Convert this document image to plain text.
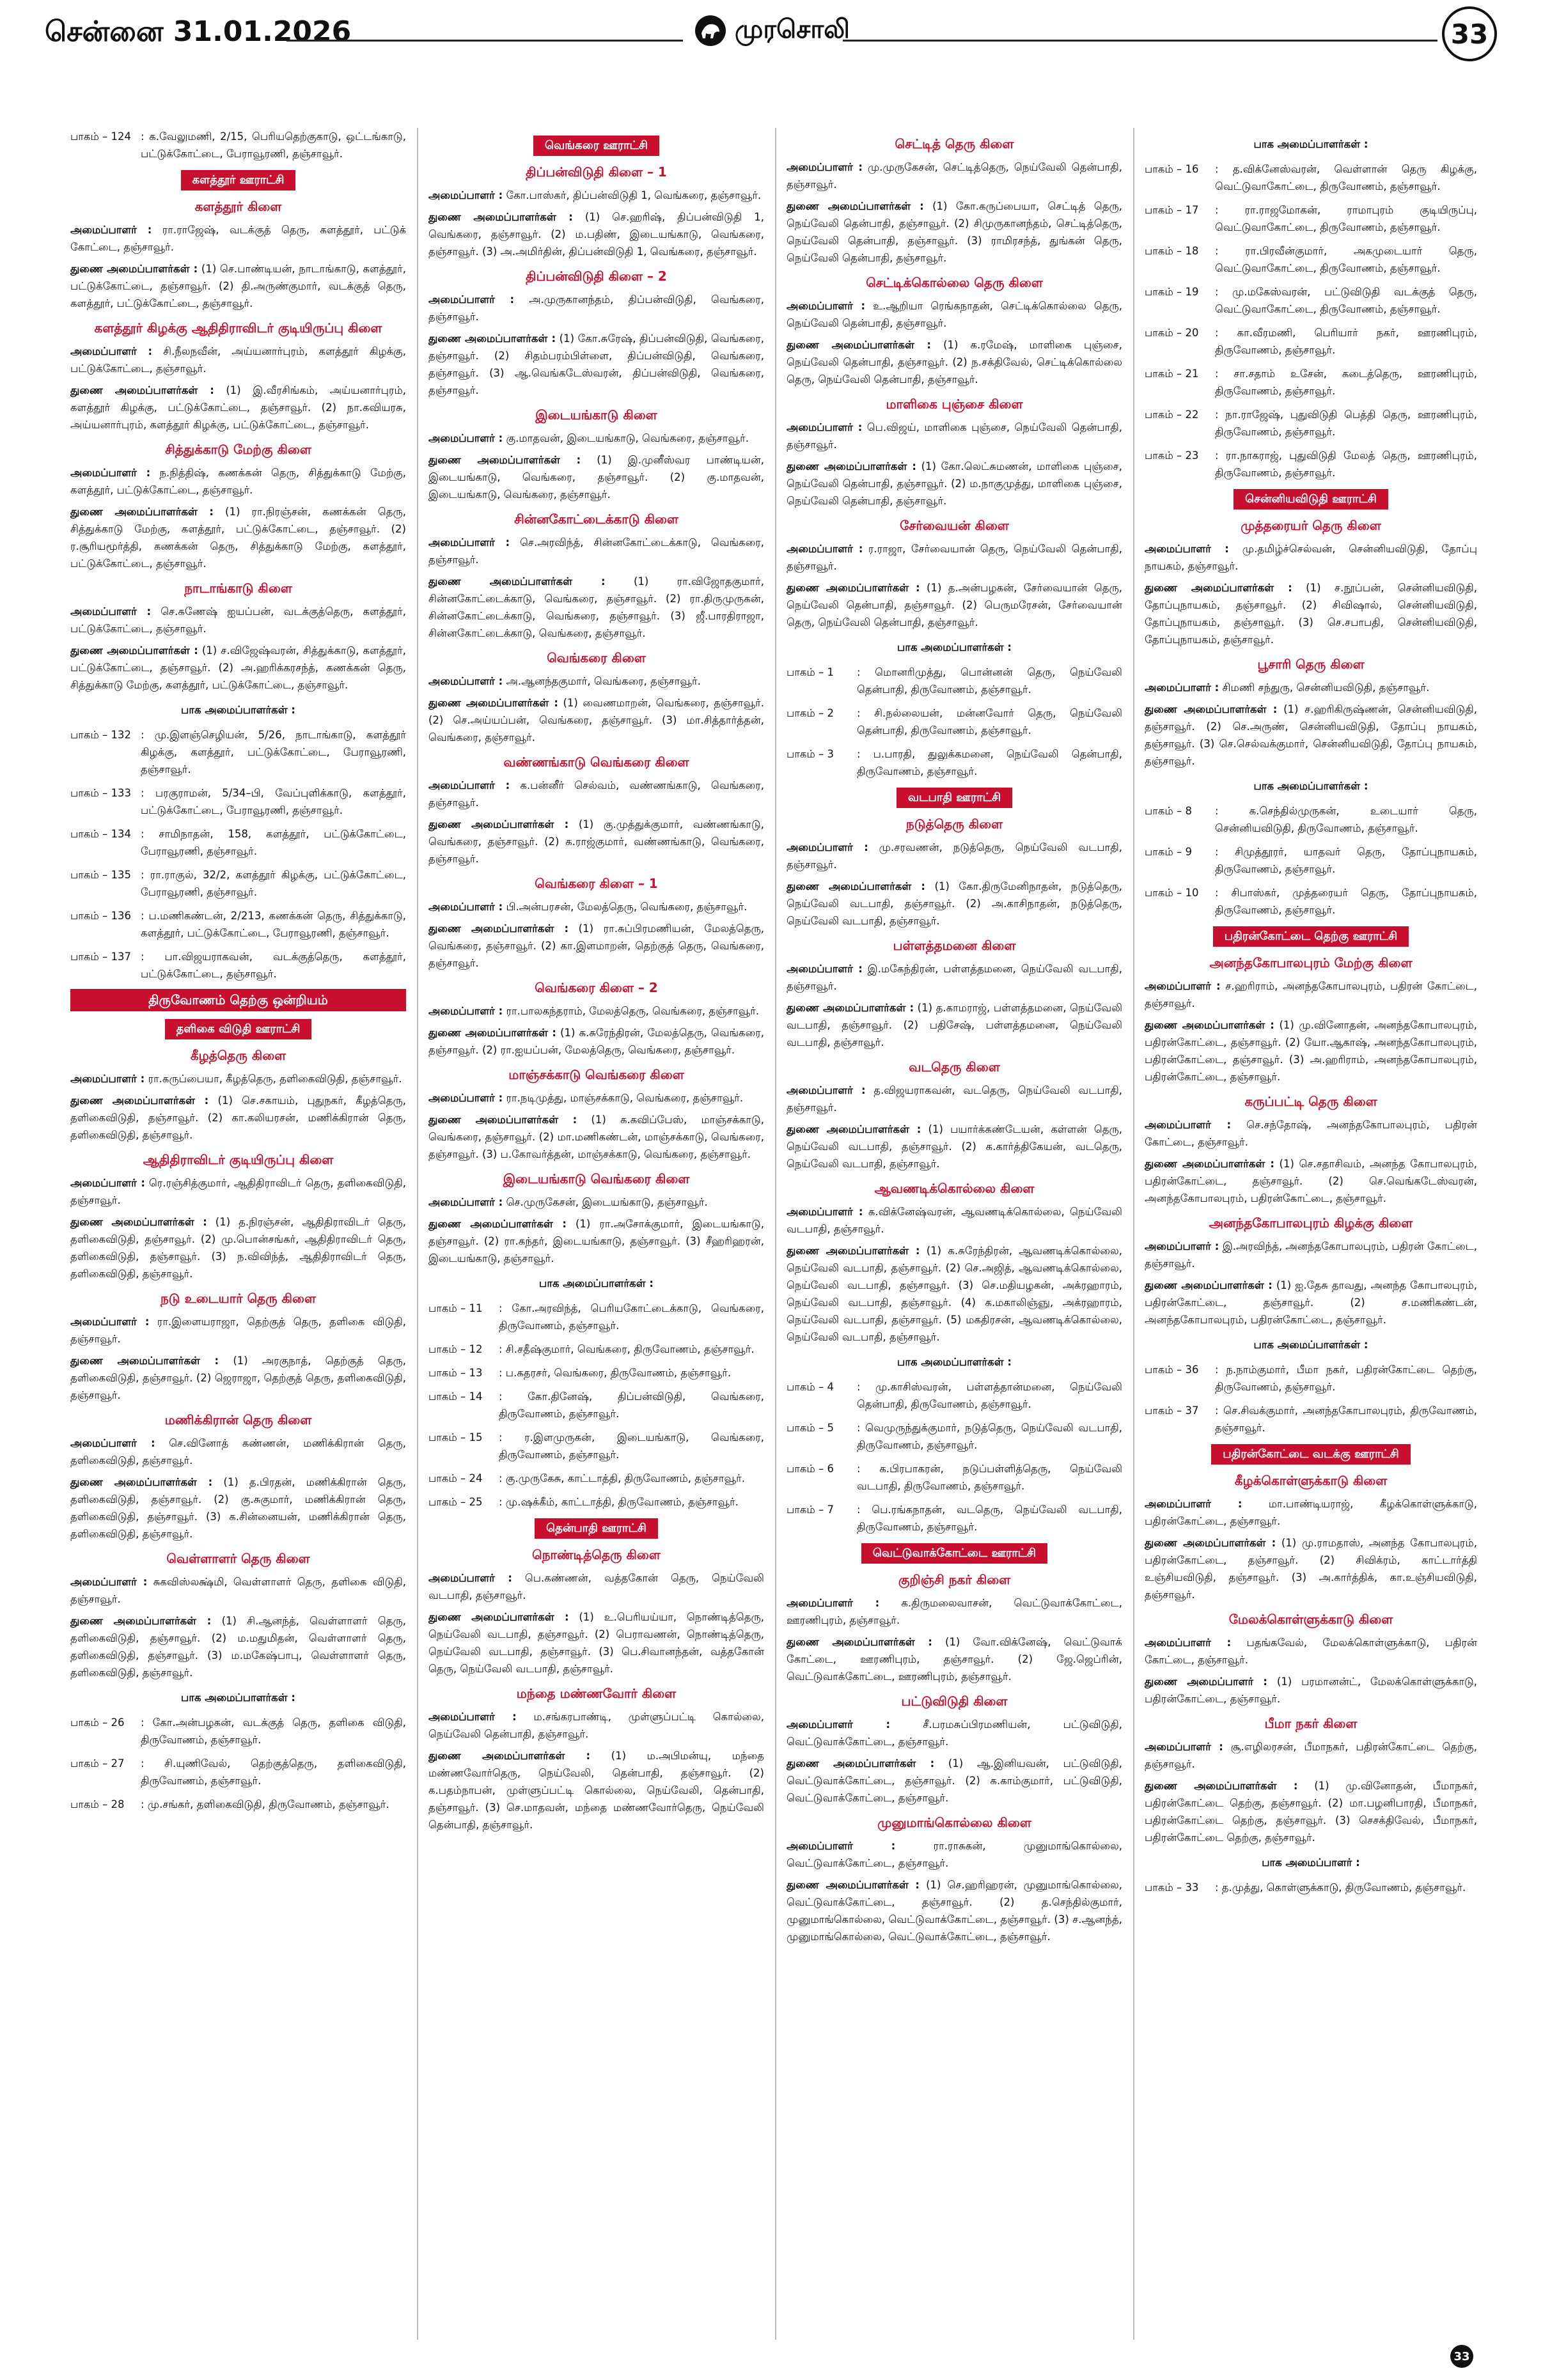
சென்னை 31.01.2026	முரசொலி	33
பாகம் – 124 : க.வேலுமணி, 2/15, பெரியதெற்குகாடு, ஒட்டங்காடு, பட்டுக்கோட்டை, பேராவூரணி, தஞ்சாவூர்.
களத்தூர் ஊராட்சி
களத்தூர் கிளை
அமைப்பாளர் : ரா.ராஜேஷ், வடக்குத் தெரு, களத்தூர், பட்டுக் கோட்டை, தஞ்சாவூர்.
துணை அமைப்பாளர்கள் : (1) செ.பாண்டியன், நாடாங்காடு, களத்தூர், பட்டுக்கோட்டை, தஞ்சாவூர். (2) தி.அருண்குமார், வடக்குத் தெரு, களத்தூர், பட்டுக்கோட்டை, தஞ்சாவூர்.
களத்தூர் கிழக்கு ஆதிதிராவிடர் குடியிருப்பு கிளை
அமைப்பாளர் : சி.நீலநவீன், அய்யனார்புரம், களத்தூர் கிழக்கு, பட்டுக்கோட்டை, தஞ்சாவூர்.
துணை அமைப்பாளர்கள் : (1) இ.வீரசிங்கம், அய்யனார்புரம், களத்தூர் கிழக்கு, பட்டுக்கோட்டை, தஞ்சாவூர். (2) நா.கவியரசு, அய்யனார்புரம், களத்தூர் கிழக்கு, பட்டுக்கோட்டை, தஞ்சாவூர்.
சித்துக்காடு மேற்கு கிளை
அமைப்பாளர் : ந.நித்திஷ், கணக்கன் தெரு, சித்துக்காடு மேற்கு, களத்தூர், பட்டுக்கோட்டை, தஞ்சாவூர்.
துணை அமைப்பாளர்கள் : (1) ரா.நிரஞ்சன், கணக்கன் தெரு, சித்துக்காடு மேற்கு, களத்தூர், பட்டுக்கோட்டை, தஞ்சாவூர். (2) ர.சூரியமூர்த்தி, கணக்கன் தெரு, சித்துக்காடு மேற்கு, களத்தூர், பட்டுக்கோட்டை, தஞ்சாவூர்.
நாடாங்காடு கிளை
அமைப்பாளர் : செ.கணேஷ் ஐயப்பன், வடக்குத்தெரு, களத்தூர், பட்டுக்கோட்டை, தஞ்சாவூர்.
துணை அமைப்பாளர்கள் : (1) ச.விஜேஷ்வரன், சித்துக்காடு, களத்தூர், பட்டுக்கோட்டை, தஞ்சாவூர். (2) அ.ஹரிக்கரசந்த், கணக்கன் தெரு, சித்துக்காடு மேற்கு, களத்தூர், பட்டுக்கோட்டை, தஞ்சாவூர்.
பாக அமைப்பாளர்கள் :
பாகம் – 132 : மு.இளஞ்செழியன், 5/26, நாடாங்காடு, களத்தூர் கிழக்கு, களத்தூர், பட்டுக்கோட்டை, பேராவூரணி, தஞ்சாவூர்.
பாகம் – 133 : பரகுராமன், 5/34–பி, வேப்புளிக்காடு, களத்தூர், பட்டுக்கோட்டை, பேராவூரணி, தஞ்சாவூர்.
பாகம் – 134 : சாமிநாதன், 158, களத்தூர், பட்டுக்கோட்டை, பேராவூரணி, தஞ்சாவூர்.
பாகம் – 135 : ரா.ராகுல், 32/2, களத்தூர் கிழக்கு, பட்டுக்கோட்டை, பேராவூரணி, தஞ்சாவூர்.
பாகம் – 136 : ப.மணிகண்டன், 2/213, கணக்கன் தெரு, சித்துக்காடு, களத்தூர், பட்டுக்கோட்டை, பேராவூரணி, தஞ்சாவூர்.
பாகம் – 137 : பா.விஜயராகவன், வடக்குத்தெரு, களத்தூர், பட்டுக்கோட்டை, தஞ்சாவூர்.
திருவோணம் தெற்கு ஒன்றியம்
தளிகை விடுதி ஊராட்சி
கீழத்தெரு கிளை
அமைப்பாளர் : ரா.கருப்பையா, கீழத்தெரு, தளிகைவிடுதி, தஞ்சாவூர்.
துணை அமைப்பாளர்கள் : (1) செ.சகாயம், புதுநகர், கீழத்தெரு, தளிகைவிடுதி, தஞ்சாவூர். (2) கா.கலியரசன், மணிக்கிரான் தெரு, தளிகைவிடுதி, தஞ்சாவூர்.
ஆதிதிராவிடர் குடியிருப்பு கிளை
அமைப்பாளர் : ரெ.ரஞ்சித்குமார், ஆதிதிராவிடர் தெரு, தளிகைவிடுதி, தஞ்சாவூர்.
துணை அமைப்பாளர்கள் : (1) த.நிரஞ்சன், ஆதிதிராவிடர் தெரு, தளிகைவிடுதி, தஞ்சாவூர். (2) மு.பொன்சங்கர், ஆதிதிராவிடர் தெரு, தளிகைவிடுதி, தஞ்சாவூர். (3) ந.விவிந்த், ஆதிதிராவிடர் தெரு, தளிகைவிடுதி, தஞ்சாவூர்.
நடு உடையார் தெரு கிளை
அமைப்பாளர் : ரா.இளையராஜா, தெற்குத் தெரு, தளிகை விடுதி, தஞ்சாவூர்.
துணை அமைப்பாளர்கள் : (1) அரகுநாத், தெற்குத் தெரு, தளிகைவிடுதி, தஞ்சாவூர். (2) ஜெராஜா, தெற்குத் தெரு, தளிகைவிடுதி, தஞ்சாவூர்.
மணிக்கிரான் தெரு கிளை
அமைப்பாளர் : செ.வினோத் கண்ணன், மணிக்கிரான் தெரு, தளிகைவிடுதி, தஞ்சாவூர்.
துணை அமைப்பாளர்கள் : (1) த.பிரதன், மணிக்கிரான் தெரு, தளிகைவிடுதி, தஞ்சாவூர். (2) கு.சுகுமார், மணிக்கிரான் தெரு, தளிகைவிடுதி, தஞ்சாவூர். (3) க.சின்னையன், மணிக்கிரான் தெரு, தளிகைவிடுதி, தஞ்சாவூர்.
வெள்ளாளர் தெரு கிளை
அமைப்பாளர் : சுகவிஸ்லக்ஷ்மி, வெள்ளாளர் தெரு, தளிகை விடுதி, தஞ்சாவூர்.
துணை அமைப்பாளர்கள் : (1) சி.ஆனந்த், வெள்ளாளர் தெரு, தளிகைவிடுதி, தஞ்சாவூர். (2) ம.மதுமிதன், வெள்ளாளர் தெரு, தளிகைவிடுதி, தஞ்சாவூர். (3) ம.மகேஷ்பாபு, வெள்ளாளர் தெரு, தளிகைவிடுதி, தஞ்சாவூர்.
பாக அமைப்பாளர்கள் :
பாகம் – 26	: கோ.அன்பழகன், வடக்குத் தெரு, தளிகை விடுதி, திருவோணம், தஞ்சாவூர்.
பாகம் – 27	: சி.யுணிவேல், தெற்குத்தெரு, தளிகைவிடுதி, திருவோணம், தஞ்சாவூர்.
பாகம் – 28	: மு.சங்கர், தளிகைவிடுதி, திருவோணம், தஞ்சாவூர்.
வெங்கரை ஊராட்சி
திப்பன்விடுதி கிளை – 1
அமைப்பாளர் : கோ.பாஸ்கர், திப்பன்விடுதி 1, வெங்கரை, தஞ்சாவூர்.
துணை அமைப்பாளர்கள் : (1) செ.ஹரிஷ், திப்பன்விடுதி 1, வெங்கரை, தஞ்சாவூர். (2) ம.பதிண், இடையங்காடு, வெங்கரை, தஞ்சாவூர். (3) அ.அமிர்தின், திப்பன்விடுதி 1, வெங்கரை, தஞ்சாவூர்.
திப்பன்விடுதி கிளை – 2
அமைப்பாளர் : அ.முருகானந்தம், திப்பன்விடுதி, வெங்கரை, தஞ்சாவூர்.
துணை அமைப்பாளர்கள் : (1) கோ.சுரேஷ், திப்பன்விடுதி, வெங்கரை, தஞ்சாவூர். (2) சிதம்பரம்பிள்ளை, திப்பன்விடுதி, வெங்கரை, தஞ்சாவூர். (3) ஆ.வெங்கடேஸ்வரன், திப்பன்விடுதி, வெங்கரை, தஞ்சாவூர்.
இடையங்காடு கிளை
அமைப்பாளர் : கு.மாதவன், இடையங்காடு, வெங்கரை, தஞ்சாவூர்.
துணை அமைப்பாளர்கள் : (1) இ.முனீஸ்வர பாண்டியன், இடையங்காடு, வெங்கரை, தஞ்சாவூர். (2) கு.மாதவன், இடையங்காடு, வெங்கரை, தஞ்சாவூர்.
சின்னகோட்டைக்காடு கிளை
அமைப்பாளர் : செ.அரவிந்த், சின்னகோட்டைக்காடு, வெங்கரை, தஞ்சாவூர்.
துணை அமைப்பாளர்கள் :	(1) ரா.விஜோதகுமார், சின்னகோட்டைக்காடு, வெங்கரை, தஞ்சாவூர். (2) ரா.திருமுருகன், சின்னகோட்டைக்காடு, வெங்கரை, தஞ்சாவூர். (3) ஜீ.பாரதிராஜா, சின்னகோட்டைக்காடு, வெங்கரை, தஞ்சாவூர்.
வெங்கரை கிளை
அமைப்பாளர் : அ.ஆனந்தகுமார், வெங்கரை, தஞ்சாவூர்.
துணை அமைப்பாளர்கள் : (1) வைணமாறன், வெங்கரை, தஞ்சாவூர். (2) செ.அய்யப்பன், வெங்கரை, தஞ்சாவூர். (3) மா.சித்தார்த்தன், வெங்கரை, தஞ்சாவூர்.
வண்ணங்காடு வெங்கரை கிளை
அமைப்பாளர் : க.பன்னீர் செல்வம், வண்ணங்காடு, வெங்கரை, தஞ்சாவூர்.
துணை அமைப்பாளர்கள் : (1) கு.முத்துக்குமார், வண்ணங்காடு, வெங்கரை, தஞ்சாவூர். (2) க.ராஜ்குமார், வண்ணங்காடு, வெங்கரை, தஞ்சாவூர்.
வெங்கரை கிளை – 1
அமைப்பாளர் : பி.அன்பரசன், மேலத்தெரு, வெங்கரை, தஞ்சாவூர்.
துணை அமைப்பாளர்கள் : (1) ரா.சுப்பிரமணியன், மேலத்தெரு, வெங்கரை, தஞ்சாவூர். (2) கா.இளமாறன், தெற்குத் தெரு, வெங்கரை, தஞ்சாவூர்.
வெங்கரை கிளை – 2
அமைப்பாளர் : ரா.பாலகந்தராம், மேலத்தெரு, வெங்கரை, தஞ்சாவூர்.
துணை அமைப்பாளர்கள் : (1) க.சுரேந்திரன், மேலத்தெரு, வெங்கரை, தஞ்சாவூர். (2) ரா.ஐயப்பன், மேலத்தெரு, வெங்கரை, தஞ்சாவூர்.
மாஞ்சக்காடு வெங்கரை கிளை
அமைப்பாளர் : ரா.நடிமுத்து, மாஞ்சக்காடு, வெங்கரை, தஞ்சாவூர்.
துணை அமைப்பாளர்கள் : (1) க.கவிப்பேஸ், மாஞ்சக்காடு, வெங்கரை, தஞ்சாவூர். (2) மா.மணிகண்டன், மாஞ்சக்காடு, வெங்கரை, தஞ்சாவூர். (3) ப.கோவர்த்தன், மாஞ்சக்காடு, வெங்கரை, தஞ்சாவூர்.
இடையங்காடு வெங்கரை கிளை
அமைப்பாளர் : செ.முருகேசன், இடையங்காடு, தஞ்சாவூர்.
துணை அமைப்பாளர்கள் : (1) ரா.அசோக்குமார், இடையங்காடு, தஞ்சாவூர். (2) ரா.கந்தர், இடையங்காடு, தஞ்சாவூர். (3) சீஹரிஹரன், இடையங்காடு, தஞ்சாவூர்.
பாக அமைப்பாளர்கள் :
பாகம் – 11	: கோ.அரவிந்த், பெரியகோட்டைக்காடு, வெங்கரை, திருவோணம், தஞ்சாவூர்.
பாகம் – 12	: சி.சதீஷ்குமார், வெங்கரை, திருவோணம், தஞ்சாவூர்.
பாகம் – 13	: ப.கதரசர், வெங்கரை, திருவோணம், தஞ்சாவூர்.
பாகம் – 14	: கோ.தினேஷ், திப்பன்விடுதி, வெங்கரை, திருவோணம், தஞ்சாவூர்.
பாகம் – 15	: ர.இளமுருகன், இடையங்காடு, வெங்கரை, திருவோணம், தஞ்சாவூர்.
பாகம் – 24	: கு.முருகேசு, காட்டாத்தி, திருவோணம், தஞ்சாவூர்.
பாகம் – 25	: மு.ஷக்கீம், காட்டாத்தி, திருவோணம், தஞ்சாவூர்.
தென்பாதி ஊராட்சி
நொண்டித்தெரு கிளை
அமைப்பாளர் : பெ.கண்ணன், வத்தகோன் தெரு, நெய்வேலி வடபாதி, தஞ்சாவூர்.
துணை அமைப்பாளர்கள் : (1) உ.பெரியய்யா, நொண்டித்தெரு, நெய்வேலி வடபாதி, தஞ்சாவூர். (2) பெராவணன், நொண்டித்தெரு, நெய்வேலி வடபாதி, தஞ்சாவூர். (3) பெ.சிவானந்தன், வத்தகோன் தெரு, நெய்வேலி வடபாதி, தஞ்சாவூர்.
மந்தை மண்ணவோர் கிளை
அமைப்பாளர் : ம.சங்கரபாண்டி, முள்ளுப்பட்டி கொல்லை, நெய்வேலி தென்பாதி, தஞ்சாவூர்.
துணை அமைப்பாளர்கள் : (1) ம.அபிமன்யு, மந்தை மண்ணவோர்தெரு, நெய்வேலி, தென்பாதி, தஞ்சாவூர். (2) க.பதம்நாபன், முள்ளுப்பட்டி கொல்லை, நெய்வேலி, தென்பாதி, தஞ்சாவூர். (3) செ.மாதவன், மந்தை மண்ணவோர்தெரு, நெய்வேலி தென்பாதி, தஞ்சாவூர்.
செட்டித் தெரு கிளை
அமைப்பாளர் : மு.முருகேசன், செட்டித்தெரு, நெய்வேலி தென்பாதி, தஞ்சாவூர்.
துணை அமைப்பாளர்கள் : (1) கோ.கருப்பையா, செட்டித் தெரு, நெய்வேலி தென்பாதி, தஞ்சாவூர். (2) சிமுருகானந்தம், செட்டித்தெரு, நெய்வேலி தென்பாதி, தஞ்சாவூர். (3) ராமிரசந்த், துங்கன் தெரு, நெய்வேலி தென்பாதி, தஞ்சாவூர்.
செட்டிக்கொல்லை தெரு கிளை
அமைப்பாளர் : உ.ஆறியா ரெங்கநாதன், செட்டிக்கொல்லை தெரு, நெய்வேலி தென்பாதி, தஞ்சாவூர்.
துணை அமைப்பாளர்கள் : (1) க.ரமேஷ், மாளிகை புஞ்சை, நெய்வேலி தென்பாதி, தஞ்சாவூர். (2) ந.சக்திவேல், செட்டிக்கொல்லை தெரு, நெய்வேலி தென்பாதி, தஞ்சாவூர்.
மாளிகை புஞ்சை கிளை
அமைப்பாளர் : பெ.விஜய், மாளிகை புஞ்சை, நெய்வேலி தென்பாதி, தஞ்சாவூர்.
துணை அமைப்பாளர்கள் : (1) கோ.லெட்சுமணன், மாளிகை புஞ்சை, நெய்வேலி தென்பாதி, தஞ்சாவூர். (2) ம.நாகுமுத்து, மாளிகை புஞ்சை, நெய்வேலி தென்பாதி, தஞ்சாவூர்.
சேர்வையன் கிளை
அமைப்பாளர் : ர.ராஜா, சேர்வையான் தெரு, நெய்வேலி தென்பாதி, தஞ்சாவூர்.
துணை அமைப்பாளர்கள் : (1) த.அன்பழகன், சேர்வையான் தெரு, நெய்வேலி தென்பாதி, தஞ்சாவூர். (2) பெருமரேசன், சேர்வையான் தெரு, நெய்வேலி தென்பாதி, தஞ்சாவூர்.
பாக அமைப்பாளர்கள் :
பாகம் – 1	: மொனரிமுத்து, பொன்னன் தெரு, நெய்வேலி தென்பாதி, திருவோணம், தஞ்சாவூர்.
பாகம் – 2	: சி.நல்லையன், மன்னவோர் தெரு, நெய்வேலி தென்பாதி, திருவோணம், தஞ்சாவூர்.
பாகம் – 3	: ப.பாரதி, துலுக்கமனை, நெய்வேலி தென்பாதி, திருவோணம், தஞ்சாவூர்.
வடபாதி ஊராட்சி
நடுத்தெரு கிளை
அமைப்பாளர் : மு.சரவணன், நடுத்தெரு, நெய்வேலி வடபாதி, தஞ்சாவூர்.
துணை அமைப்பாளர்கள் : (1) கோ.திருமேனிநாதன், நடுத்தெரு, நெய்வேலி வடபாதி, தஞ்சாவூர். (2) அ.காசிநாதன், நடுத்தெரு, நெய்வேலி வடபாதி, தஞ்சாவூர்.
பள்ளத்தமனை கிளை
அமைப்பாளர் : இ.மகேந்திரன், பள்ளத்தமனை, நெய்வேலி வடபாதி, தஞ்சாவூர்.
துணை அமைப்பாளர்கள் : (1) த.காமராஜ், பள்ளத்தமனை, நெய்வேலி வடபாதி, தஞ்சாவூர். (2) பதிசேஷ், பள்ளத்தமனை, நெய்வேலி வடபாதி, தஞ்சாவூர்.
வடதெரு கிளை
அமைப்பாளர் : த.விஜயராகவன், வடதெரு, நெய்வேலி வடபாதி, தஞ்சாவூர்.
துணை அமைப்பாளர்கள் : (1) பயார்க்கண்டேயன், கள்ளன் தெரு, நெய்வேலி வடபாதி, தஞ்சாவூர். (2) க.கார்த்திகேயன், வடதெரு, நெய்வேலி வடபாதி, தஞ்சாவூர்.
ஆவணடிக்கொல்லை கிளை
அமைப்பாளர் : க.விக்னேஷ்வரன், ஆவணடிக்கொல்லை, நெய்வேலி வடபாதி, தஞ்சாவூர்.
துணை அமைப்பாளர்கள் : (1) க.சுரேந்திரன், ஆவணடிக்கொல்லை, நெய்வேலி வடபாதி, தஞ்சாவூர். (2) செ.அஜித், ஆவணடிக்கொல்லை, நெய்வேலி வடபாதி, தஞ்சாவூர். (3) செ.மதியழகன், அக்ரஹாரம், நெய்வேலி வடபாதி, தஞ்சாவூர். (4) க.மகாலிஞ்ஞு, அக்ரஹாரம், நெய்வேலி வடபாதி, தஞ்சாவூர். (5) மகதிரசன், ஆவணடிக்கொல்லை, நெய்வேலி வடபாதி, தஞ்சாவூர்.
பாக அமைப்பாளர்கள் :
பாகம் – 4	: மு.காசிஸ்வரன், பள்ளத்தான்மனை, நெய்வேலி தென்பாதி, திருவோணம், தஞ்சாவூர்.
பாகம் – 5	: வெமுருந்துக்குமார், நடுத்தெரு, நெய்வேலி வடபாதி, திருவோணம், தஞ்சாவூர்.
பாகம் – 6	: க.பிரபாகரன், நடுப்பள்ளித்தெரு, நெய்வேலி வடபாதி, திருவோணம், தஞ்சாவூர்.
பாகம் – 7	: பெ.ரங்கநாதன், வடதெரு, நெய்வேலி வடபாதி, திருவோணம், தஞ்சாவூர்.
வெட்டுவாக்கோட்டை ஊராட்சி
குறிஞ்சி நகர் கிளை
அமைப்பாளர் : க.திருமலைவாசன், வெட்டுவாக்கோட்டை, ஊரணிபுரம், தஞ்சாவூர்.
துணை அமைப்பாளர்கள் : (1) வோ.விக்னேஷ், வெட்டுவாக் கோட்டை, ஊரணிபுரம், தஞ்சாவூர். (2) ஜே.ஜெப்ரின், வெட்டுவாக்கோட்டை, ஊரணிபுரம், தஞ்சாவூர்.
பட்டுவிடுதி கிளை
அமைப்பாளர் :	சீ.பரமசுப்பிரமணியன், பட்டுவிடுதி, வெட்டுவாக்கோட்டை, தஞ்சாவூர்.
துணை அமைப்பாளர்கள் : (1) ஆ.இனியவன், பட்டுவிடுதி, வெட்டுவாக்கோட்டை, தஞ்சாவூர். (2) க.காம்குமார், பட்டுவிடுதி, வெட்டுவாக்கோட்டை, தஞ்சாவூர்.
முனுமாங்கொல்லை கிளை
அமைப்பாளர் :	ரா.ராசுகன், முனுமாங்கொல்லை, வெட்டுவாக்கோட்டை, தஞ்சாவூர்.
துணை அமைப்பாளர்கள் : (1) செ.ஹரிஹரன், முனுமாங்கொல்லை, வெட்டுவாக்கோட்டை, தஞ்சாவூர். (2) த.செந்தில்குமார், முனுமாங்கொல்லை, வெட்டுவாக்கோட்டை, தஞ்சாவூர். (3) ச.ஆனந்த், முனுமாங்கொல்லை, வெட்டுவாக்கோட்டை, தஞ்சாவூர்.
பாக அமைப்பாளர்கள் :
பாகம் – 16	: த.விக்னேஸ்வரன், வெள்ளான் தெரு கிழக்கு, வெட்டுவாகோட்டை, திருவோணம், தஞ்சாவூர்.
பாகம் – 17	: ரா.ராஜமோகன், ராமாபுரம் குடியிருப்பு, வெட்டுவாகோட்டை, திருவோணம், தஞ்சாவூர்.
பாகம் – 18	: ரா.பிரவீன்குமார், அகமுடையார் தெரு, வெட்டுவாகோட்டை, திருவோணம், தஞ்சாவூர்.
பாகம் – 19	: மு.மகேஸ்வரன், பட்டுவிடுதி வடக்குத் தெரு, வெட்டுவாகோட்டை, திருவோணம், தஞ்சாவூர்.
பாகம் – 20	: கா.வீரமணி, பெரியார் நகர், ஊரணிபுரம், திருவோணம், தஞ்சாவூர்.
பாகம் – 21	: சா.சதாம் உசேன், கடைத்தெரு, ஊரணிபுரம், திருவோணம், தஞ்சாவூர்.
பாகம் – 22	: நா.ராஜேஷ், புதுவிடுதி பெத்தி தெரு, ஊரணிபுரம், திருவோணம், தஞ்சாவூர்.
பாகம் – 23	: ரா.நாகராஜ், புதுவிடுதி மேலத் தெரு, ஊரணிபுரம், திருவோணம், தஞ்சாவூர்.
சென்னியவிடுதி ஊராட்சி
முத்தரையர் தெரு கிளை
அமைப்பாளர் : மு.தமிழ்ச்செல்வன், சென்னியவிடுதி, தோப்பு நாயகம், தஞ்சாவூர்.
துணை அமைப்பாளர்கள் : (1) ச.நூப்பன், சென்னியவிடுதி, தோப்புநாயகம், தஞ்சாவூர். (2) சிவிஷால், சென்னியவிடுதி, தோப்புநாயகம், தஞ்சாவூர். (3) செ.சபாபதி, சென்னியவிடுதி, தோப்புநாயகம், தஞ்சாவூர்.
பூசாரி தெரு கிளை
அமைப்பாளர் : சிமணி சந்துரு, சென்னியவிடுதி, தஞ்சாவூர்.
துணை அமைப்பாளர்கள் : (1) ச.ஹரிகிருஷ்ணன், சென்னியவிடுதி, தஞ்சாவூர். (2) செ.அருண், சென்னியவிடுதி, தோப்பு நாயகம், தஞ்சாவூர். (3) செ.செல்வக்குமார், சென்னியவிடுதி, தோப்பு நாயகம், தஞ்சாவூர்.
பாக அமைப்பாளர்கள் :
பாகம் – 8	: க.செந்தில்முருகன், உடையார் தெரு, சென்னியவிடுதி, திருவோணம், தஞ்சாவூர்.
பாகம் – 9	: சிமுத்தூரர், யாதவர் தெரு, தோப்புநாயகம், திருவோணம், தஞ்சாவூர்.
பாகம் – 10	: சிபாஸ்கர், முத்தரையர் தெரு, தோப்புநாயகம், திருவோணம், தஞ்சாவூர்.
பதிரன்கோட்டை தெற்கு ஊராட்சி
அனந்தகோபாலபுரம் மேற்கு கிளை
அமைப்பாளர் : ச.ஹரிராம், அனந்தகோபாலபுரம், பதிரன் கோட்டை, தஞ்சாவூர்.
துணை அமைப்பாளர்கள் : (1) மு.வினோதன், அனந்தகோபாலபுரம், பதிரன்கோட்டை, தஞ்சாவூர். (2) யோ.ஆகாஷ், அனந்தகோபாலபுரம், பதிரன்கோட்டை, தஞ்சாவூர். (3) அ.ஹரிராம், அனந்தகோபாலபுரம், பதிரன்கோட்டை, தஞ்சாவூர்.
கருப்பட்டி தெரு கிளை
அமைப்பாளர் : செ.சந்தோஷ், அனந்தகோபாலபுரம், பதிரன் கோட்டை, தஞ்சாவூர்.
துணை அமைப்பாளர்கள் : (1) செ.சதாசிவம், அனந்த கோபாலபுரம், பதிரன்கோட்டை, தஞ்சாவூர். (2) செ.வெங்கடேஸ்வரன், அனந்தகோபாலபுரம், பதிரன்கோட்டை, தஞ்சாவூர்.
அனந்தகோபாலபுரம் கிழக்கு கிளை
அமைப்பாளர் : இ.அரவிந்த், அனந்தகோபாலபுரம், பதிரன் கோட்டை, தஞ்சாவூர்.
துணை அமைப்பாளர்கள் : (1) ஐ.தேசு தாவது, அனந்த கோபாலபுரம், பதிரன்கோட்டை, தஞ்சாவூர். (2) ச.மணிகண்டன், அனந்தகோபாலபுரம், பதிரன்கோட்டை, தஞ்சாவூர்.
பாக அமைப்பாளர்கள் :
பாகம் – 36	: ந.நாம்குமார், பீமா நகர், பதிரன்கோட்டை தெற்கு, திருவோணம், தஞ்சாவூர்.
பாகம் – 37	: செ.சிவக்குமார், அனந்தகோபாலபுரம், திருவோணம், தஞ்சாவூர்.
பதிரன்கோட்டை வடக்கு ஊராட்சி
கீழக்கொள்ளுக்காடு கிளை
அமைப்பாளர் :	மா.பாண்டியராஜ், கீழக்கொள்ளுக்காடு, பதிரன்கோட்டை, தஞ்சாவூர்.
துணை அமைப்பாளர்கள் : (1) மு.ராமதாஸ், அனந்த கோபாலபுரம், பதிரன்கோட்டை, தஞ்சாவூர். (2) சிவிக்ரம், காட்டார்த்தி உஞ்சியவிடுதி, தஞ்சாவூர். (3) அ.கார்த்திக், கா.உஞ்சியவிடுதி, தஞ்சாவூர்.
மேலக்கொள்ளுக்காடு கிளை
அமைப்பாளர் : பதங்கவேல், மேலக்கொள்ளுக்காடு, பதிரன் கோட்டை, தஞ்சாவூர்.
துணை அமைப்பாளர் : (1) பரமானன்ட், மேலக்கொள்ளுக்காடு, பதிரன்கோட்டை, தஞ்சாவூர்.
பீமா நகர் கிளை
அமைப்பாளர் : சூ.எழிலரசன், பீமாநகர், பதிரன்கோட்டை தெற்கு, தஞ்சாவூர்.
துணை அமைப்பாளர்கள் : (1) மு.வினோதன், பீமாநகர், பதிரன்கோட்டை தெற்கு, தஞ்சாவூர். (2) மா.பழனிபாரதி, பீமாநகர், பதிரன்கோட்டை தெற்கு, தஞ்சாவூர். (3) செசக்திவேல், பீமாநகர், பதிரன்கோட்டை தெற்கு, தஞ்சாவூர்.
பாக அமைப்பாளர் :
பாகம் – 33	: த.முத்து, கொள்ளுக்காடு, திருவோணம், தஞ்சாவூர்.
33
